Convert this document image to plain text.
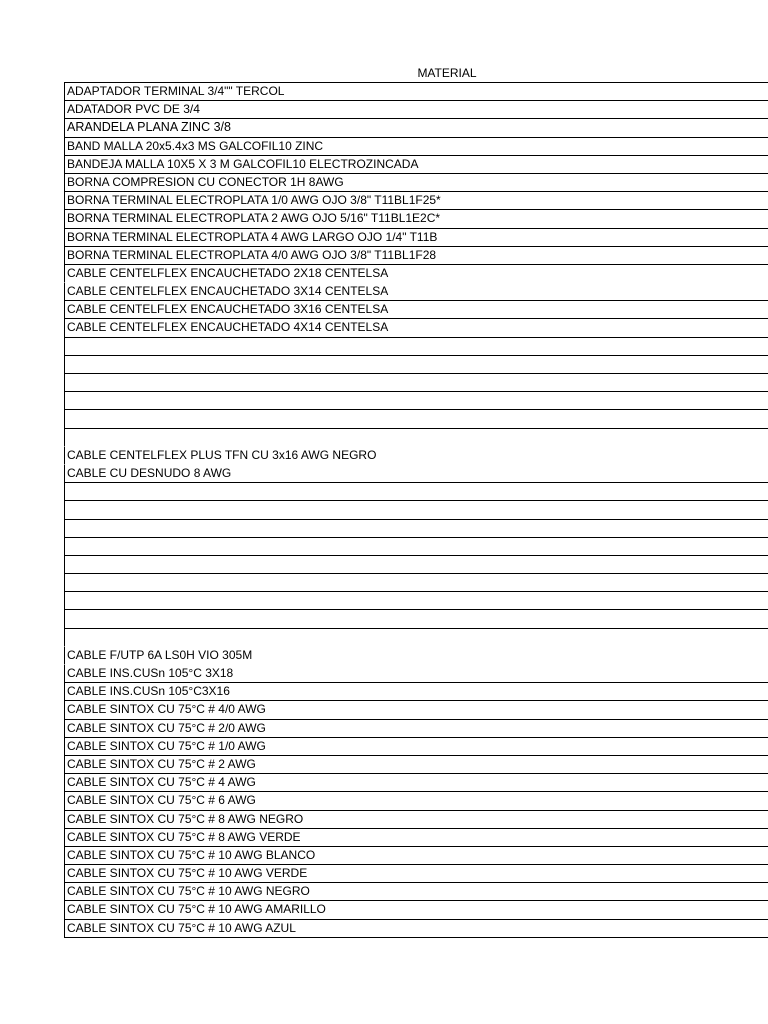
MATERIAL
ADAPTADOR TERMINAL 3/4"" TERCOL
ADATADOR PVC DE 3/4
ARANDELA PLANA ZINC 3/8
BAND MALLA 20x5.4x3 MS GALCOFIL10 ZINC
BANDEJA MALLA 10X5 X 3 M GALCOFIL10 ELECTROZINCADA
BORNA COMPRESION CU CONECTOR 1H 8AWG
BORNA TERMINAL ELECTROPLATA 1/0 AWG OJO 3/8" T11BL1F25*
BORNA TERMINAL ELECTROPLATA 2 AWG OJO 5/16" T11BL1E2C*
BORNA TERMINAL ELECTROPLATA 4 AWG LARGO OJO 1/4" T11B
BORNA TERMINAL ELECTROPLATA 4/0 AWG OJO 3/8" T11BL1F28
CABLE CENTELFLEX ENCAUCHETADO 2X18 CENTELSA
CABLE CENTELFLEX ENCAUCHETADO 3X14 CENTELSA
CABLE CENTELFLEX ENCAUCHETADO 3X16 CENTELSA
CABLE CENTELFLEX ENCAUCHETADO 4X14 CENTELSA
CABLE CENTELFLEX PLUS TFN CU 3x16 AWG NEGRO
CABLE CU DESNUDO 8 AWG
CABLE F/UTP 6A LS0H VIO 305M
CABLE INS.CUSn 105°C 3X18
CABLE INS.CUSn 105°C3X16
CABLE SINTOX CU 75°C # 4/0 AWG
CABLE SINTOX CU 75°C # 2/0 AWG
CABLE SINTOX CU 75°C # 1/0 AWG
CABLE SINTOX CU 75°C # 2 AWG
CABLE SINTOX CU 75°C # 4 AWG
CABLE SINTOX CU 75°C # 6 AWG
CABLE SINTOX CU 75°C # 8 AWG NEGRO
CABLE SINTOX CU 75°C # 8 AWG VERDE
CABLE SINTOX CU 75°C # 10 AWG BLANCO
CABLE SINTOX CU 75°C # 10 AWG VERDE
CABLE SINTOX CU 75°C # 10 AWG NEGRO
CABLE SINTOX CU 75°C # 10 AWG AMARILLO
CABLE SINTOX CU 75°C # 10 AWG AZUL
